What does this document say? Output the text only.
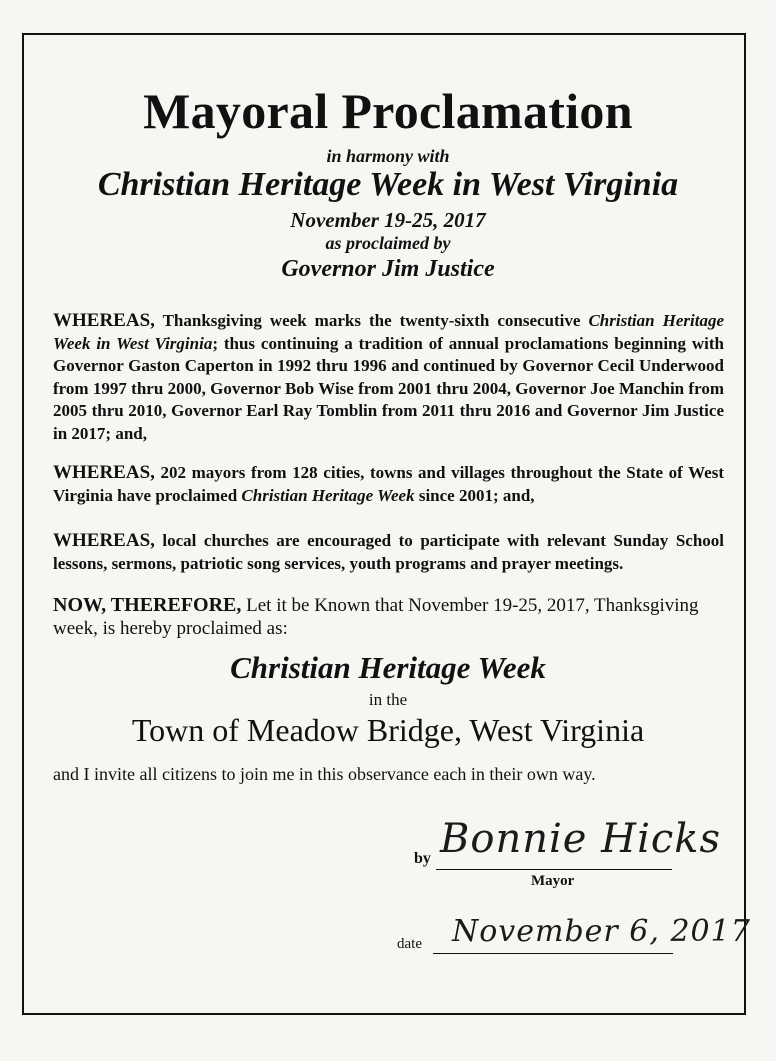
Mayoral Proclamation

in harmony with

Christian Heritage Week in West Virginia

November 19-25, 2017

as proclaimed by

Governor Jim Justice

WHEREAS, Thanksgiving week marks the twenty-sixth consecutive Christian Heritage Week in West Virginia; thus continuing a tradition of annual proclamations beginning with Governor Gaston Caperton in 1992 thru 1996 and continued by Governor Cecil Underwood from 1997 thru 2000, Governor Bob Wise from 2001 thru 2004, Governor Joe Manchin from 2005 thru 2010, Governor Earl Ray Tomblin from 2011 thru 2016 and Governor Jim Justice in 2017; and,

WHEREAS, 202 mayors from 128 cities, towns and villages throughout the State of West Virginia have proclaimed Christian Heritage Week since 2001; and,

WHEREAS, local churches are encouraged to participate with relevant Sunday School lessons, sermons, patriotic song services, youth programs and prayer meetings.

NOW, THEREFORE, Let it be Known that November 19-25, 2017, Thanksgiving week, is hereby proclaimed as:

Christian Heritage Week

in the

Town of Meadow Bridge, West Virginia

and I invite all citizens to join me in this observance each in their own way.

by Bonnie Hicks

Mayor

date November 6, 2017
